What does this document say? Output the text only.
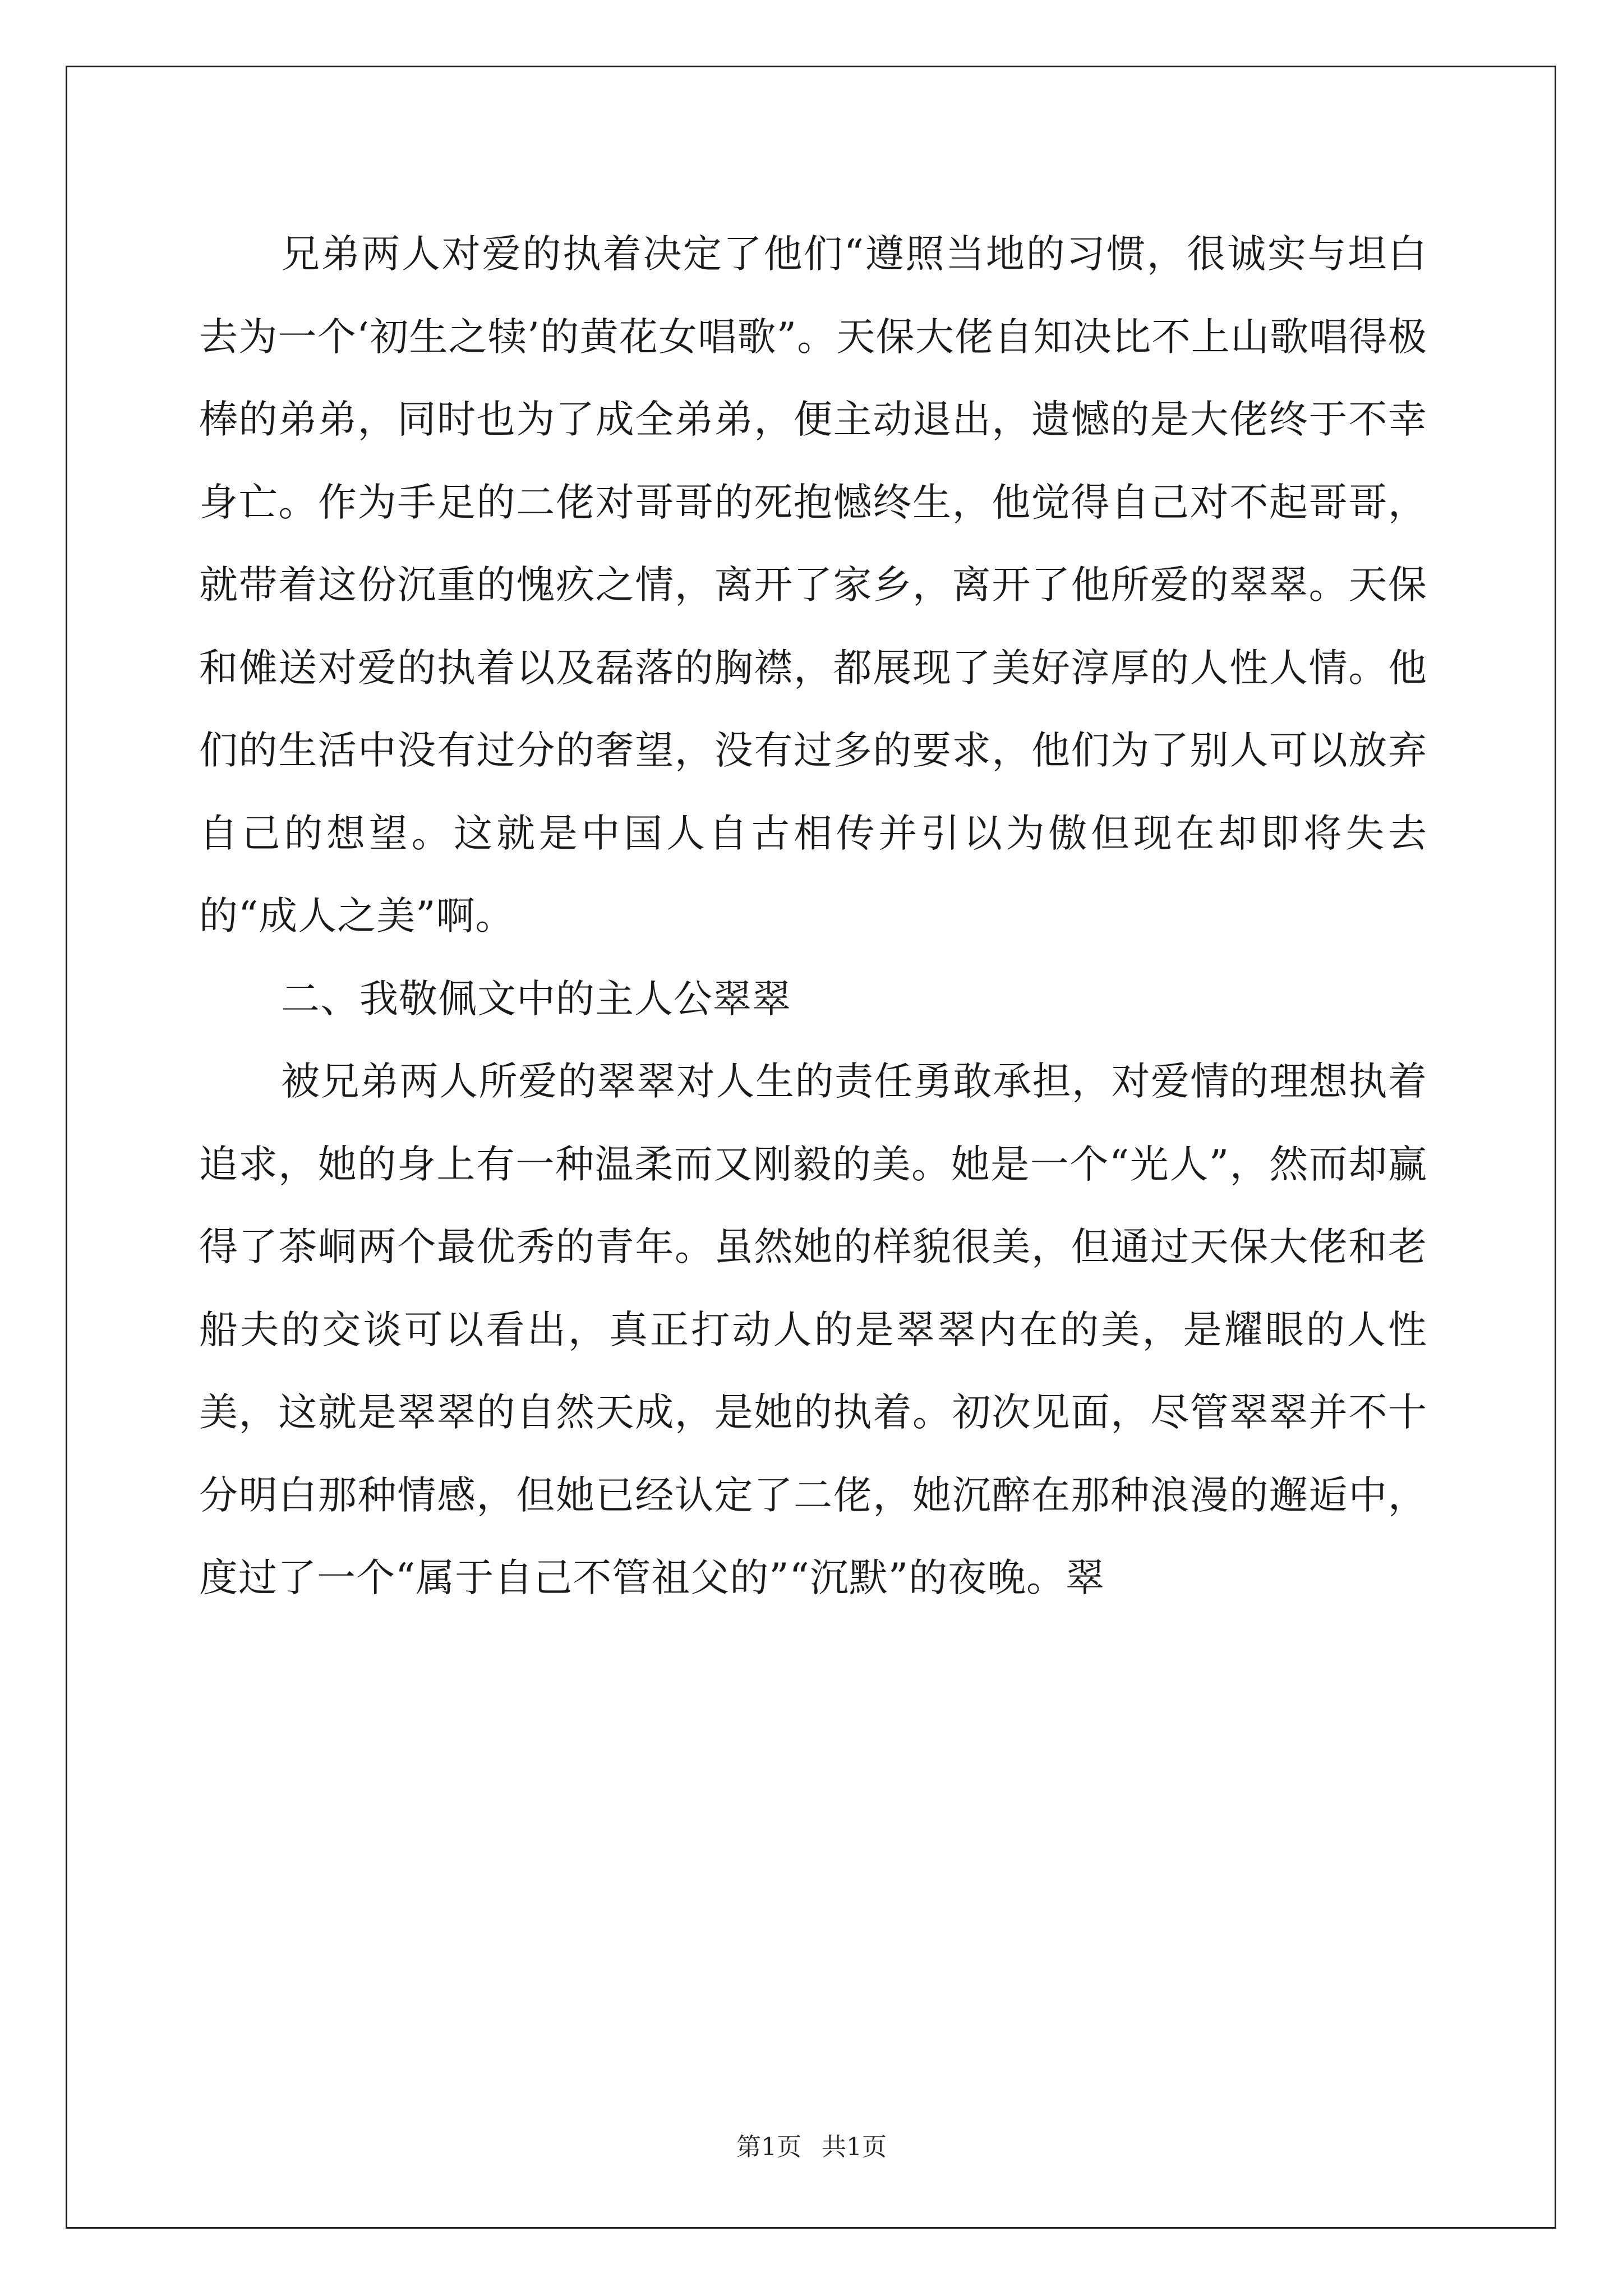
兄弟两人对爱的执着决定了他们“遵照当地的习惯，很诚实与坦白去为一个‘初生之犊’的黄花女唱歌”。天保大佬自知决比不上山歌唱得极棒的弟弟，同时也为了成全弟弟，便主动退出，遗憾的是大佬终于不幸身亡。作为手足的二佬对哥哥的死抱憾终生，他觉得自己对不起哥哥，就带着这份沉重的愧疚之情，离开了家乡，离开了他所爱的翠翠。天保和傩送对爱的执着以及磊落的胸襟，都展现了美好淳厚的人性人情。他们的生活中没有过分的奢望，没有过多的要求，他们为了别人可以放弃自己的想望。这就是中国人自古相传并引以为傲但现在却即将失去的“成人之美”啊。

二、我敬佩文中的主人公翠翠

被兄弟两人所爱的翠翠对人生的责任勇敢承担，对爱情的理想执着追求，她的身上有一种温柔而又刚毅的美。她是一个“光人”，然而却赢得了茶峒两个最优秀的青年。虽然她的样貌很美，但通过天保大佬和老船夫的交谈可以看出，真正打动人的是翠翠内在的美，是耀眼的人性美，这就是翠翠的自然天成，是她的执着。初次见面，尽管翠翠并不十分明白那种情感，但她已经认定了二佬，她沉醉在那种浪漫的邂逅中，度过了一个“属于自己不管祖父的”“沉默”的夜晚。翠

第1页 共1页
